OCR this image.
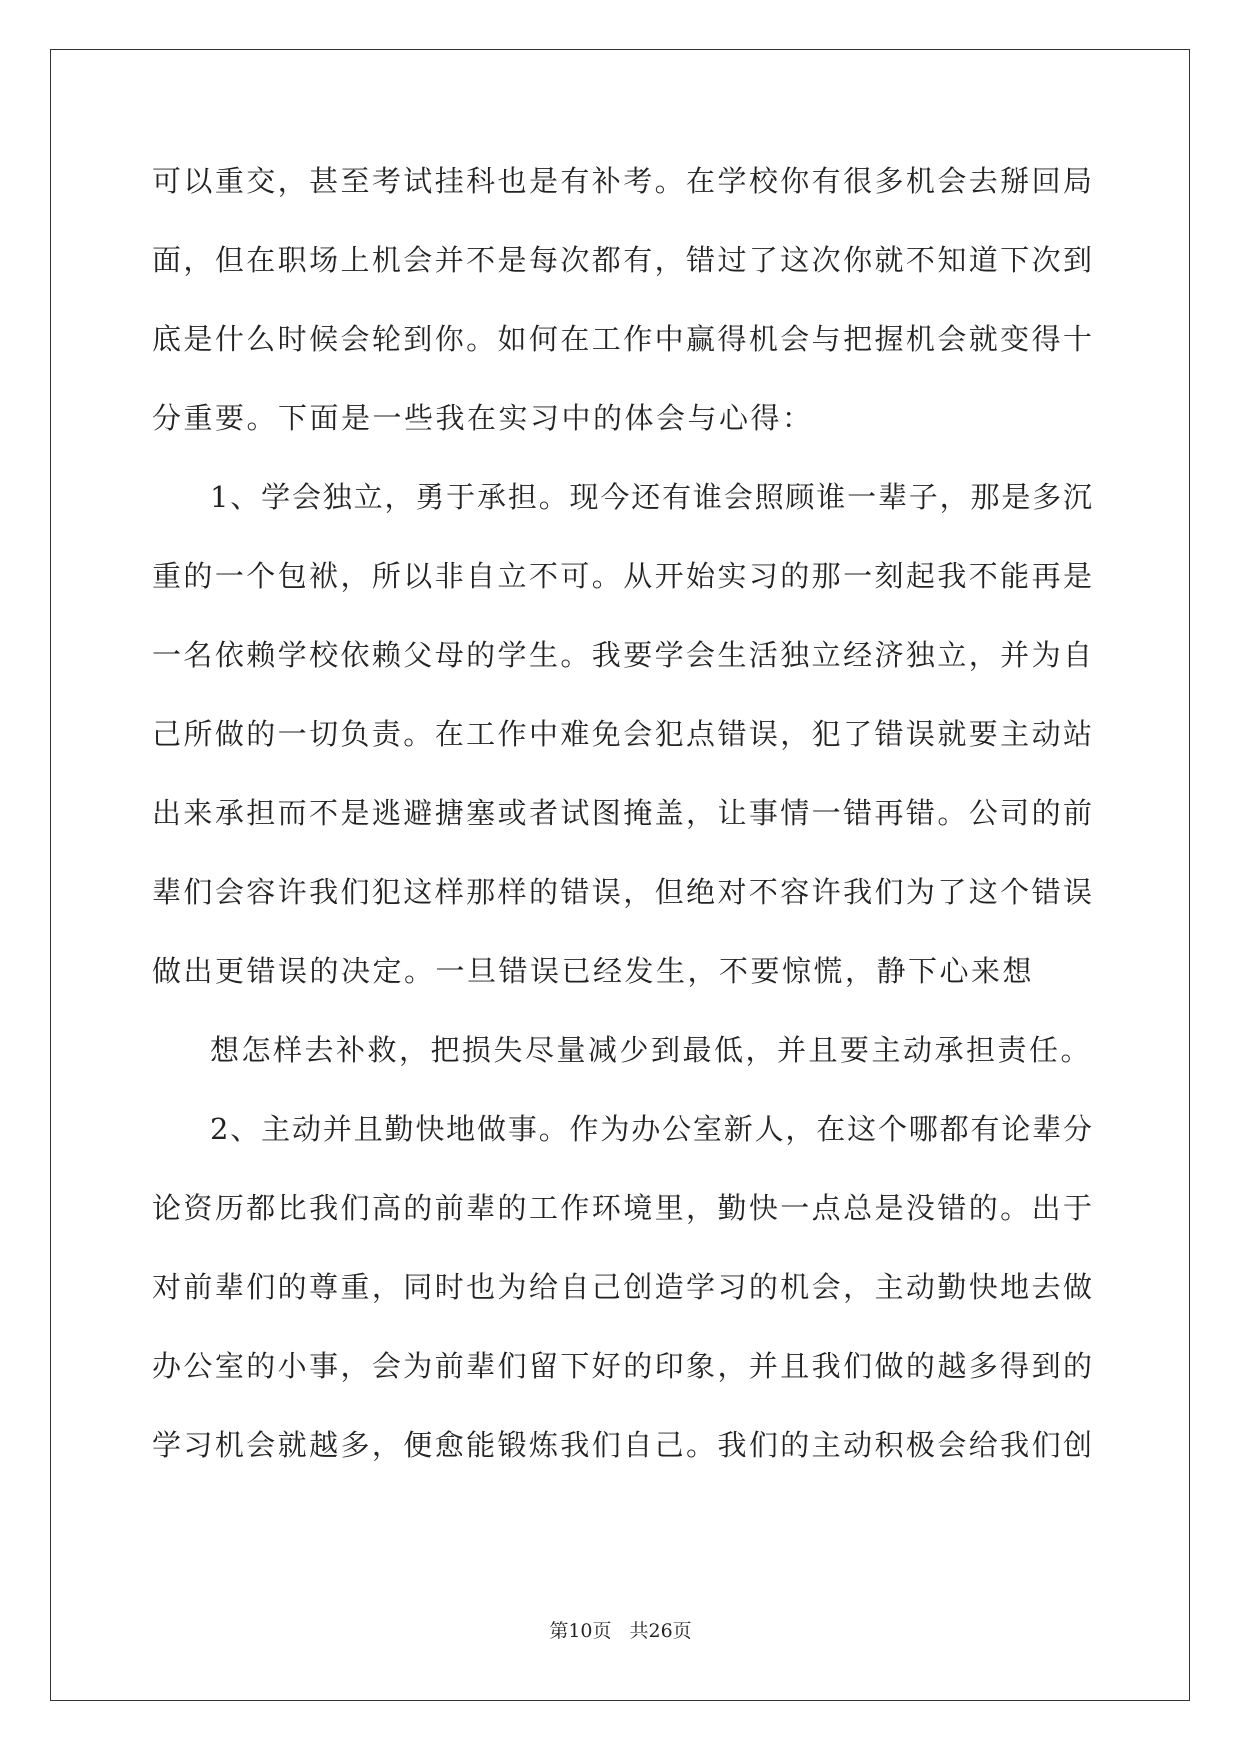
可以重交，甚至考试挂科也是有补考。在学校你有很多机会去掰回局
面，但在职场上机会并不是每次都有，错过了这次你就不知道下次到
底是什么时候会轮到你。如何在工作中赢得机会与把握机会就变得十
分重要。下面是一些我在实习中的体会与心得：
1、学会独立，勇于承担。现今还有谁会照顾谁一辈子，那是多沉
重的一个包袱，所以非自立不可。从开始实习的那一刻起我不能再是
一名依赖学校依赖父母的学生。我要学会生活独立经济独立，并为自
己所做的一切负责。在工作中难免会犯点错误，犯了错误就要主动站
出来承担而不是逃避搪塞或者试图掩盖，让事情一错再错。公司的前
辈们会容许我们犯这样那样的错误，但绝对不容许我们为了这个错误
做出更错误的决定。一旦错误已经发生，不要惊慌，静下心来想
想怎样去补救，把损失尽量减少到最低，并且要主动承担责任。
2、主动并且勤快地做事。作为办公室新人，在这个哪都有论辈分
论资历都比我们高的前辈的工作环境里，勤快一点总是没错的。出于
对前辈们的尊重，同时也为给自己创造学习的机会，主动勤快地去做
办公室的小事，会为前辈们留下好的印象，并且我们做的越多得到的
学习机会就越多，便愈能锻炼我们自己。我们的主动积极会给我们创
第10页 共26页
